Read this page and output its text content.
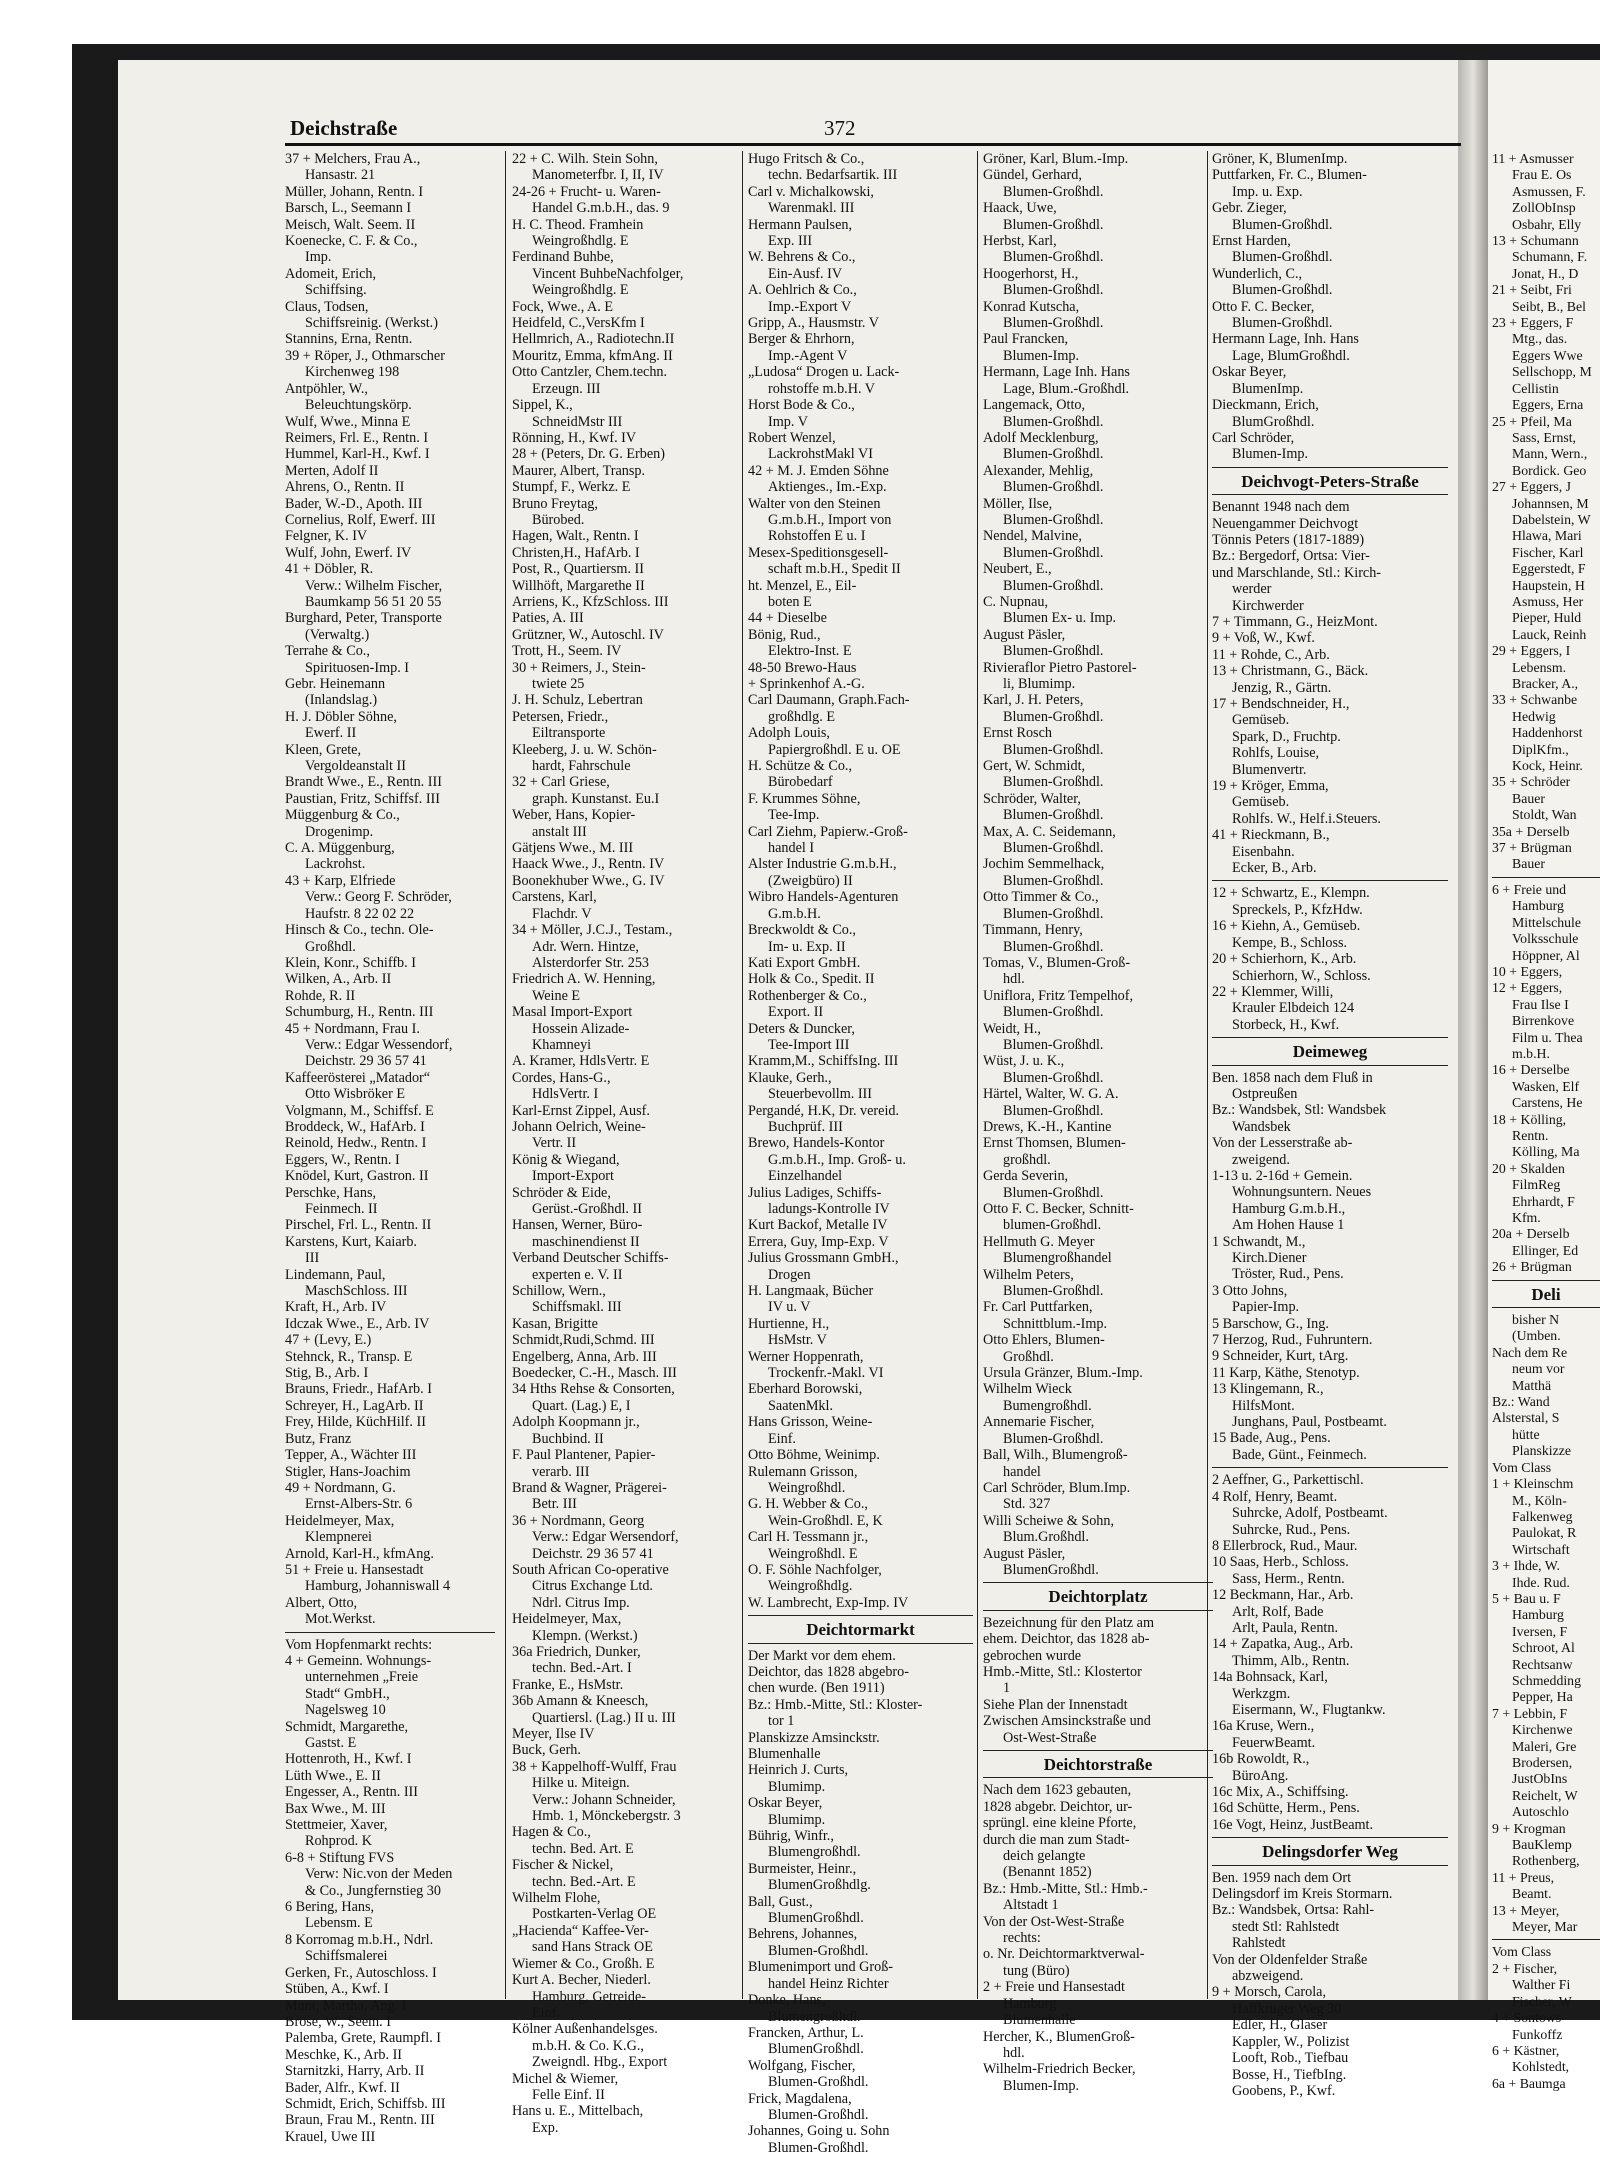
Deichstraße	372
37 + Melchers, Frau A.,
Hansastr. 21
Müller, Johann, Rentn. I
Barsch, L., Seemann I
Meisch, Walt. Seem. II
Koenecke, C. F. & Co.,
Imp.
Adomeit, Erich,
Schiffsing.
Claus, Todsen,
Schiffsreinig. (Werkst.)
Stannins, Erna, Rentn.
39 + Röper, J., Othmarscher
Kirchenweg 198
Antpöhler, W.,
Beleuchtungskörp.
Wulf, Wwe., Minna E
Reimers, Frl. E., Rentn. I
Hummel, Karl-H., Kwf. I
Merten, Adolf II
Ahrens, O., Rentn. II
Bader, W.-D., Apoth. III
Cornelius, Rolf, Ewerf. III
Felgner, K. IV
Wulf, John, Ewerf. IV
41 + Döbler, R.
Verw.: Wilhelm Fischer,
Baumkamp 56 51 20 55
Burghard, Peter, Transporte
(Verwaltg.)
Terrahe & Co.,
Spirituosen-Imp. I
Gebr. Heinemann
(Inlandslag.)
H. J. Döbler Söhne,
Ewerf. II
Kleen, Grete,
Vergoldeanstalt II
Brandt Wwe., E., Rentn. III
Paustian, Fritz, Schiffsf. III
Müggenburg & Co.,
Drogenimp.
C. A. Müggenburg,
Lackrohst.
43 + Karp, Elfriede
Verw.: Georg F. Schröder,
Haufstr. 8 22 02 22
Hinsch & Co., techn. Ole-
Großhdl.
Klein, Konr., Schiffb. I
Wilken, A., Arb. II
Rohde, R. II
Schumburg, H., Rentn. III
45 + Nordmann, Frau I.
Verw.: Edgar Wessendorf,
Deichstr. 29 36 57 41
Kaffeerösterei „Matador“
Otto Wisbröker E
Volgmann, M., Schiffsf. E
Broddeck, W., HafArb. I
Reinold, Hedw., Rentn. I
Eggers, W., Rentn. I
Knödel, Kurt, Gastron. II
Perschke, Hans,
Feinmech. II
Pirschel, Frl. L., Rentn. II
Karstens, Kurt, Kaiarb.
III
Lindemann, Paul,
MaschSchloss. III
Kraft, H., Arb. IV
Idczak Wwe., E., Arb. IV
47 + (Levy, E.)
Stehnck, R., Transp. E
Stig, B., Arb. I
Brauns, Friedr., HafArb. I
Schreyer, H., LagArb. II
Frey, Hilde, KüchHilf. II
Butz, Franz
Tepper, A., Wächter III
Stigler, Hans-Joachim
49 + Nordmann, G.
Ernst-Albers-Str. 6
Heidelmeyer, Max,
Klempnerei
Arnold, Karl-H., kfmAng.
51 + Freie u. Hansestadt
Hamburg, Johanniswall 4
Albert, Otto,
Mot.Werkst.
Vom Hopfenmarkt rechts:
4 + Gemeinn. Wohnungs-
unternehmen „Freie
Stadt“ GmbH.,
Nagelsweg 10
Schmidt, Margarethe,
Gastst. E
Hottenroth, H., Kwf. I
Lüth Wwe., E. II
Engesser, A., Rentn. III
Bax Wwe., M. III
Stettmeier, Xaver,
Rohprod. K
6-8 + Stiftung FVS
Verw: Nic.von der Meden
& Co., Jungfernstieg 30
6 Bering, Hans,
Lebensm. E
8 Korromag m.b.H., Ndrl.
Schiffsmalerei
Gerken, Fr., Autoschloss. I
Stüben, A., Kwf. I
Munt, Martha, Ang. I
Brose, W., Seem. I
Palemba, Grete, Raumpfl. I
Meschke, K., Arb. II
Starnitzki, Harry, Arb. II
Bader, Alfr., Kwf. II
Schmidt, Erich, Schiffsb. III
Braun, Frau M., Rentn. III
Krauel, Uwe III
22 + C. Wilh. Stein Sohn,
Manometerfbr. I, II, IV
24-26 + Frucht- u. Waren-
Handel G.m.b.H., das. 9
H. C. Theod. Framhein
Weingroßhdlg. E
Ferdinand Buhbe,
Vincent BuhbeNachfolger,
Weingroßhdlg. E
Fock, Wwe., A. E
Heidfeld, C.,VersKfm I
Hellmrich, A., Radiotechn.II
Mouritz, Emma, kfmAng. II
Otto Cantzler, Chem.techn.
Erzeugn. III
Sippel, K.,
SchneidMstr III
Rönning, H., Kwf. IV
28 + (Peters, Dr. G. Erben)
Maurer, Albert, Transp.
Stumpf, F., Werkz. E
Bruno Freytag,
Bürobed.
Hagen, Walt., Rentn. I
Christen,H., HafArb. I
Post, R., Quartiersm. II
Willhöft, Margarethe II
Arriens, K., KfzSchloss. III
Paties, A. III
Grützner, W., Autoschl. IV
Trott, H., Seem. IV
30 + Reimers, J., Stein-
twiete 25
J. H. Schulz, Lebertran
Petersen, Friedr.,
Eiltransporte
Kleeberg, J. u. W. Schön-
hardt, Fahrschule
32 + Carl Griese,
graph. Kunstanst. Eu.I
Weber, Hans, Kopier-
anstalt III
Gätjens Wwe., M. III
Haack Wwe., J., Rentn. IV
Boonekhuber Wwe., G. IV
Carstens, Karl,
Flachdr. V
34 + Möller, J.C.J., Testam.,
Adr. Wern. Hintze,
Alsterdorfer Str. 253
Friedrich A. W. Henning,
Weine E
Masal Import-Export
Hossein Alizade-
Khamneyi
A. Kramer, HdlsVertr. E
Cordes, Hans-G.,
HdlsVertr. I
Karl-Ernst Zippel, Ausf.
Johann Oelrich, Weine-
Vertr. II
König & Wiegand,
Import-Export
Schröder & Eide,
Gerüst.-Großhdl. II
Hansen, Werner, Büro-
maschinendienst II
Verband Deutscher Schiffs-
experten e. V. II
Schillow, Wern.,
Schiffsmakl. III
Kasan, Brigitte
Schmidt,Rudi,Schmd. III
Engelberg, Anna, Arb. III
Boedecker, C.-H., Masch. III
34 Hths Rehse & Consorten,
Quart. (Lag.) E, I
Adolph Koopmann jr.,
Buchbind. II
F. Paul Plantener, Papier-
verarb. III
Brand & Wagner, Prägerei-
Betr. III
36 + Nordmann, Georg
Verw.: Edgar Wersendorf,
Deichstr. 29 36 57 41
South African Co-operative
Citrus Exchange Ltd.
Ndrl. Citrus Imp.
Heidelmeyer, Max,
Klempn. (Werkst.)
36a Friedrich, Dunker,
techn. Bed.-Art. I
Franke, E., HsMstr.
36b Amann & Kneesch,
Quartiersl. (Lag.) II u. III
Meyer, Ilse IV
Buck, Gerh.
38 + Kappelhoff-Wulff, Frau
Hilke u. Miteign.
Verw.: Johann Schneider,
Hmb. 1, Mönckebergstr. 3
Hagen & Co.,
techn. Bed. Art. E
Fischer & Nickel,
techn. Bed.-Art. E
Wilhelm Flohe,
Postkarten-Verlag OE
„Hacienda“ Kaffee-Ver-
sand Hans Strack OE
Wiemer & Co., Großh. E
Kurt A. Becher, Niederl.
Hamburg, Getreide-
Einf.
Kölner Außenhandelsges.
m.b.H. & Co. K.G.,
Zweigndl. Hbg., Export
Michel & Wiemer,
Felle Einf. II
Hans u. E., Mittelbach,
Exp.
Hugo Fritsch & Co.,
techn. Bedarfsartik. III
Carl v. Michalkowski,
Warenmakl. III
Hermann Paulsen,
Exp. III
W. Behrens & Co.,
Ein-Ausf. IV
A. Oehlrich & Co.,
Imp.-Export V
Gripp, A., Hausmstr. V
Berger & Ehrhorn,
Imp.-Agent V
„Ludosa“ Drogen u. Lack-
rohstoffe m.b.H. V
Horst Bode & Co.,
Imp. V
Robert Wenzel,
LackrohstMakl VI
42 + M. J. Emden Söhne
Aktienges., Im.-Exp.
Walter von den Steinen
G.m.b.H., Import von
Rohstoffen E u. I
Mesex-Speditionsgesell-
schaft m.b.H., Spedit II
ht. Menzel, E., Eil-
boten E
44 + Dieselbe
Bönig, Rud.,
Elektro-Inst. E
48-50 Brewo-Haus
+ Sprinkenhof A.-G.
Carl Daumann, Graph.Fach-
großhdlg. E
Adolph Louis,
Papiergroßhdl. E u. OE
H. Schütze & Co.,
Bürobedarf
F. Krummes Söhne,
Tee-Imp.
Carl Ziehm, Papierw.-Groß-
handel I
Alster Industrie G.m.b.H.,
(Zweigbüro) II
Wibro Handels-Agenturen
G.m.b.H.
Breckwoldt & Co.,
Im- u. Exp. II
Kati Export GmbH.
Holk & Co., Spedit. II
Rothenberger & Co.,
Export. II
Deters & Duncker,
Tee-Import III
Kramm,M., SchiffsIng. III
Klauke, Gerh.,
Steuerbevollm. III
Pergandé, H.K, Dr. vereid.
Buchprüf. III
Brewo, Handels-Kontor
G.m.b.H., Imp. Groß- u.
Einzelhandel
Julius Ladiges, Schiffs-
ladungs-Kontrolle IV
Kurt Backof, Metalle IV
Errera, Guy, Imp-Exp. V
Julius Grossmann GmbH.,
Drogen
H. Langmaak, Bücher
IV u. V
Hurtienne, H.,
HsMstr. V
Werner Hoppenrath,
Trockenfr.-Makl. VI
Eberhard Borowski,
SaatenMkl.
Hans Grisson, Weine-
Einf.
Otto Böhme, Weinimp.
Rulemann Grisson,
Weingroßhdl.
G. H. Webber & Co.,
Wein-Großhdl. E, K
Carl H. Tessmann jr.,
Weingroßhdl. E
O. F. Söhle Nachfolger,
Weingroßhdlg.
W. Lambrecht, Exp-Imp. IV
Deichtormarkt
Der Markt vor dem ehem.
Deichtor, das 1828 abgebro-
chen wurde. (Ben 1911)
Bz.: Hmb.-Mitte, Stl.: Kloster-
tor 1
Planskizze Amsinckstr.
Blumenhalle
Heinrich J. Curts,
Blumimp.
Oskar Beyer,
Blumimp.
Bührig, Winfr.,
Blumengroßhdl.
Burmeister, Heinr.,
BlumenGroßhdlg.
Ball, Gust.,
BlumenGroßhdl.
Behrens, Johannes,
Blumen-Großhdl.
Blumenimport und Groß-
handel Heinz Richter
Donke, Hans,
Blumengroßhdl.
Francken, Arthur, L.
BlumenGroßhdl.
Wolfgang, Fischer,
Blumen-Großhdl.
Frick, Magdalena,
Blumen-Großhdl.
Johannes, Going u. Sohn
Blumen-Großhdl.
Gröner, Karl, Blum.-Imp.
Gündel, Gerhard,
Blumen-Großhdl.
Haack, Uwe,
Blumen-Großhdl.
Herbst, Karl,
Blumen-Großhdl.
Hoogerhorst, H.,
Blumen-Großhdl.
Konrad Kutscha,
Blumen-Großhdl.
Paul Francken,
Blumen-Imp.
Hermann, Lage Inh. Hans
Lage, Blum.-Großhdl.
Langemack, Otto,
Blumen-Großhdl.
Adolf Mecklenburg,
Blumen-Großhdl.
Alexander, Mehlig,
Blumen-Großhdl.
Möller, Ilse,
Blumen-Großhdl.
Nendel, Malvine,
Blumen-Großhdl.
Neubert, E.,
Blumen-Großhdl.
C. Nupnau,
Blumen Ex- u. Imp.
August Päsler,
Blumen-Großhdl.
Rivieraflor Pietro Pastorel-
li, Blumimp.
Karl, J. H. Peters,
Blumen-Großhdl.
Ernst Rosch
Blumen-Großhdl.
Gert, W. Schmidt,
Blumen-Großhdl.
Schröder, Walter,
Blumen-Großhdl.
Max, A. C. Seidemann,
Blumen-Großhdl.
Jochim Semmelhack,
Blumen-Großhdl.
Otto Timmer & Co.,
Blumen-Großhdl.
Timmann, Henry,
Blumen-Großhdl.
Tomas, V., Blumen-Groß-
hdl.
Uniflora, Fritz Tempelhof,
Blumen-Großhdl.
Weidt, H.,
Blumen-Großhdl.
Wüst, J. u. K.,
Blumen-Großhdl.
Härtel, Walter, W. G. A.
Blumen-Großhdl.
Drews, K.-H., Kantine
Ernst Thomsen, Blumen-
großhdl.
Gerda Severin,
Blumen-Großhdl.
Otto F. C. Becker, Schnitt-
blumen-Großhdl.
Hellmuth G. Meyer
Blumengroßhandel
Wilhelm Peters,
Blumen-Großhdl.
Fr. Carl Puttfarken,
Schnittblum.-Imp.
Otto Ehlers, Blumen-
Großhdl.
Ursula Gränzer, Blum.-Imp.
Wilhelm Wieck
Bumengroßhdl.
Annemarie Fischer,
Blumen-Großhdl.
Ball, Wilh., Blumengroß-
handel
Carl Schröder, Blum.Imp.
Std. 327
Willi Scheiwe & Sohn,
Blum.Großhdl.
August Päsler,
BlumenGroßhdl.
Deichtorplatz
Bezeichnung für den Platz am
ehem. Deichtor, das 1828 ab-
gebrochen wurde
Hmb.-Mitte, Stl.: Klostertor
1
Siehe Plan der Innenstadt
Zwischen Amsinckstraße und
Ost-West-Straße
Deichtorstraße
Nach dem 1623 gebauten,
1828 abgebr. Deichtor, ur-
sprüngl. eine kleine Pforte,
durch die man zum Stadt-
deich gelangte
(Benannt 1852)
Bz.: Hmb.-Mitte, Stl.: Hmb.-
Altstadt 1
Von der Ost-West-Straße
rechts:
o. Nr. Deichtormarktverwal-
tung (Büro)
2 + Freie und Hansestadt
Hamburg
Blumenhalle
Hercher, K., BlumenGroß-
hdl.
Wilhelm-Friedrich Becker,
Blumen-Imp.
Gröner, K, BlumenImp.
Puttfarken, Fr. C., Blumen-
Imp. u. Exp.
Gebr. Zieger,
Blumen-Großhdl.
Ernst Harden,
Blumen-Großhdl.
Wunderlich, C.,
Blumen-Großhdl.
Otto F. C. Becker,
Blumen-Großhdl.
Hermann Lage, Inh. Hans
Lage, BlumGroßhdl.
Oskar Beyer,
BlumenImp.
Dieckmann, Erich,
BlumGroßhdl.
Carl Schröder,
Blumen-Imp.
Deichvogt-Peters-Straße
Benannt 1948 nach dem
Neuengammer Deichvogt
Tönnis Peters (1817-1889)
Bz.: Bergedorf, Ortsa: Vier-
und Marschlande, Stl.: Kirch-
werder
Kirchwerder
7 + Timmann, G., HeizMont.
9 + Voß, W., Kwf.
11 + Rohde, C., Arb.
13 + Christmann, G., Bäck.
Jenzig, R., Gärtn.
17 + Bendschneider, H.,
Gemüseb.
Spark, D., Fruchtp.
Rohlfs, Louise,
Blumenvertr.
19 + Kröger, Emma,
Gemüseb.
Rohlfs. W., Helf.i.Steuers.
41 + Rieckmann, B.,
Eisenbahn.
Ecker, B., Arb.
12 + Schwartz, E., Klempn.
Spreckels, P., KfzHdw.
16 + Kiehn, A., Gemüseb.
Kempe, B., Schloss.
20 + Schierhorn, K., Arb.
Schierhorn, W., Schloss.
22 + Klemmer, Willi,
Krauler Elbdeich 124
Storbeck, H., Kwf.
Deimeweg
Ben. 1858 nach dem Fluß in
Ostpreußen
Bz.: Wandsbek, Stl: Wandsbek
Wandsbek
Von der Lesserstraße ab-
zweigend.
1-13 u. 2-16d + Gemein.
Wohnungsuntern. Neues
Hamburg G.m.b.H.,
Am Hohen Hause 1
1 Schwandt, M.,
Kirch.Diener
Tröster, Rud., Pens.
3 Otto Johns,
Papier-Imp.
5 Barschow, G., Ing.
7 Herzog, Rud., Fuhruntern.
9 Schneider, Kurt, tArg.
11 Karp, Käthe, Stenotyp.
13 Klingemann, R.,
HilfsMont.
Junghans, Paul, Postbeamt.
15 Bade, Aug., Pens.
Bade, Günt., Feinmech.
2 Aeffner, G., Parkettischl.
4 Rolf, Henry, Beamt.
Suhrcke, Adolf, Postbeamt.
Suhrcke, Rud., Pens.
8 Ellerbrock, Rud., Maur.
10 Saas, Herb., Schloss.
Sass, Herm., Rentn.
12 Beckmann, Har., Arb.
Arlt, Rolf, Bade
Arlt, Paula, Rentn.
14 + Zapatka, Aug., Arb.
Thimm, Alb., Rentn.
14a Bohnsack, Karl,
Werkzgm.
Eisermann, W., Flugtankw.
16a Kruse, Wern.,
FeuerwBeamt.
16b Rowoldt, R.,
BüroAng.
16c Mix, A., Schiffsing.
16d Schütte, Herm., Pens.
16e Vogt, Heinz, JustBeamt.
Delingsdorfer Weg
Ben. 1959 nach dem Ort
Delingsdorf im Kreis Stormarn.
Bz.: Wandsbek, Ortsa: Rahl-
stedt Stl: Rahlstedt
Rahlstedt
Von der Oldenfelder Straße
abzweigend.
9 + Morsch, Carola,
Haffkruger Weg 30
Edler, H., Glaser
Kappler, W., Polizist
Looft, Rob., Tiefbau
Bosse, H., TiefbIng.
Goobens, P., Kwf.
11 + Asmusser
Frau E. Os
Asmussen, F.
ZollObInsp
Osbahr, Elly
13 + Schumann
Schumann, F.
Jonat, H., D
21 + Seibt, Fri
Seibt, B., Bel
23 + Eggers, F
Mtg., das.
Eggers Wwe
Sellschopp, M
Cellistin
Eggers, Erna
25 + Pfeil, Ma
Sass, Ernst,
Mann, Wern.,
Bordick. Geo
27 + Eggers, J
Johannsen, M
Dabelstein, W
Hlawa, Mari
Fischer, Karl
Eggerstedt, F
Haupstein, H
Asmuss, Her
Pieper, Huld
Lauck, Reinh
29 + Eggers, I
Lebensm.
Bracker, A.,
33 + Schwanbe
Hedwig
Haddenhorst
DiplKfm.,
Kock, Heinr.
35 + Schröder
Bauer
Stoldt, Wan
35a + Derselb
37 + Brügman
Bauer
6 + Freie und
Hamburg
Mittelschule
Volksschule
Höppner, Al
10 + Eggers,
12 + Eggers,
Frau Ilse I
Birrenkove
Film u. Thea
m.b.H.
16 + Derselbe
Wasken, Elf
Carstens, He
18 + Kölling,
Rentn.
Kölling, Ma
20 + Skalden
FilmReg
Ehrhardt, F
Kfm.
20a + Derselb
Ellinger, Ed
26 + Brügman
Deli
bisher N
(Umben.
Nach dem Re
neum vor
Matthä
Bz.: Wand
Alsterstal, S
hütte
Planskizze
Vom Class
1 + Kleinschm
M., Köln-
Falkenweg
Paulokat, R
Wirtschaft
3 + Ihde, W.
Ihde. Rud.
5 + Bau u. F
Hamburg
Iversen, F
Schroot, Al
Rechtsanw
Schmedding
Pepper, Ha
7 + Lebbin, F
Kirchenwe
Maleri, Gre
Brodersen,
JustObIns
Reichelt, W
Autoschlo
9 + Krogman
BauKlemp
Rothenberg,
11 + Preus,
Beamt.
13 + Meyer,
Meyer, Mar
Vom Class
2 + Fischer,
Walther Fi
Fischer, W
4 + Sontows
Funkoffz
6 + Kästner,
Kohlstedt,
6a + Baumga
